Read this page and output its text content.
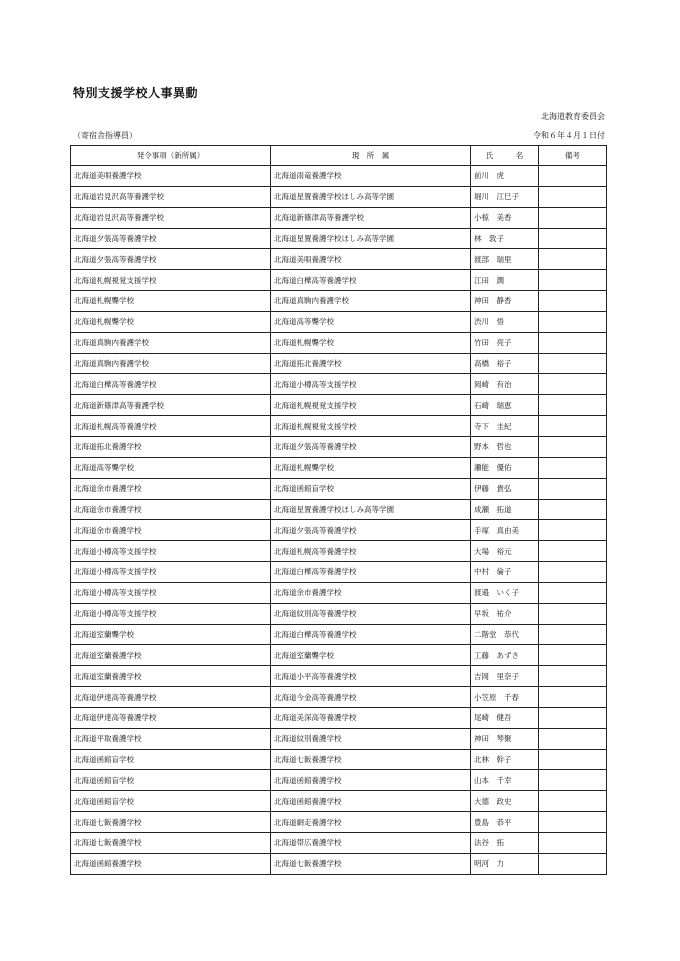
特別支援学校人事異動
北海道教育委員会
（寄宿舎指導員）	令和６年４月１日付
発令事項（新所属）	現　所　属	氏　　　名	備考
北海道美唄養護学校	北海道雨竜養護学校	前川　虎	
北海道岩見沢高等養護学校	北海道星置養護学校ほしみ高等学園	堀川　江巳子	
北海道岩見沢高等養護学校	北海道新篠津高等養護学校	小椋　美香	
北海道夕張高等養護学校	北海道星置養護学校ほしみ高等学園	林　敦子	
北海道夕張高等養護学校	北海道美唄養護学校	渡部　瑞里	
北海道札幌視覚支援学校	北海道白樺高等養護学校	江田　潤	
北海道札幌聾学校	北海道真駒内養護学校	神田　静香	
北海道札幌聾学校	北海道高等聾学校	渋川　悟	
北海道真駒内養護学校	北海道札幌聾学校	竹田　亮子	
北海道真駒内養護学校	北海道拓北養護学校	高橋　裕子	
北海道白樺高等養護学校	北海道小樽高等支援学校	岡崎　有治	
北海道新篠津高等養護学校	北海道札幌視覚支援学校	石崎　瑞恵	
北海道札幌高等養護学校	北海道札幌視覚支援学校	寺下　圭紀	
北海道拓北養護学校	北海道夕張高等養護学校	野本　哲也	
北海道高等聾学校	北海道札幌聾学校	瀬能　優佑	
北海道余市養護学校	北海道函館盲学校	伊藤　貴弘	
北海道余市養護学校	北海道星置養護学校ほしみ高等学園	成瀬　拓道	
北海道余市養護学校	北海道夕張高等養護学校	手塚　真由美	
北海道小樽高等支援学校	北海道札幌高等養護学校	大場　裕元	
北海道小樽高等支援学校	北海道白樺高等養護学校	中村　倫子	
北海道小樽高等支援学校	北海道余市養護学校	渡邉　いく子	
北海道小樽高等支援学校	北海道紋別高等養護学校	早坂　祐介	
北海道室蘭聾学校	北海道白樺高等養護学校	二階堂　恭代	
北海道室蘭養護学校	北海道室蘭聾学校	工藤　あずさ	
北海道室蘭養護学校	北海道小平高等養護学校	吉岡　里奈子	
北海道伊達高等養護学校	北海道今金高等養護学校	小笠原　千春	
北海道伊達高等養護学校	北海道美深高等養護学校	尾崎　健吾	
北海道平取養護学校	北海道紋別養護学校	神田　琴聚	
北海道函館盲学校	北海道七飯養護学校	北林　幹子	
北海道函館盲学校	北海道函館養護学校	山本　千幸	
北海道函館盲学校	北海道函館養護学校	大德　政史	
北海道七飯養護学校	北海道網走養護学校	豊島　恭平	
北海道七飯養護学校	北海道帯広養護学校	法谷　拓	
北海道函館養護学校	北海道七飯養護学校	明河　力	
